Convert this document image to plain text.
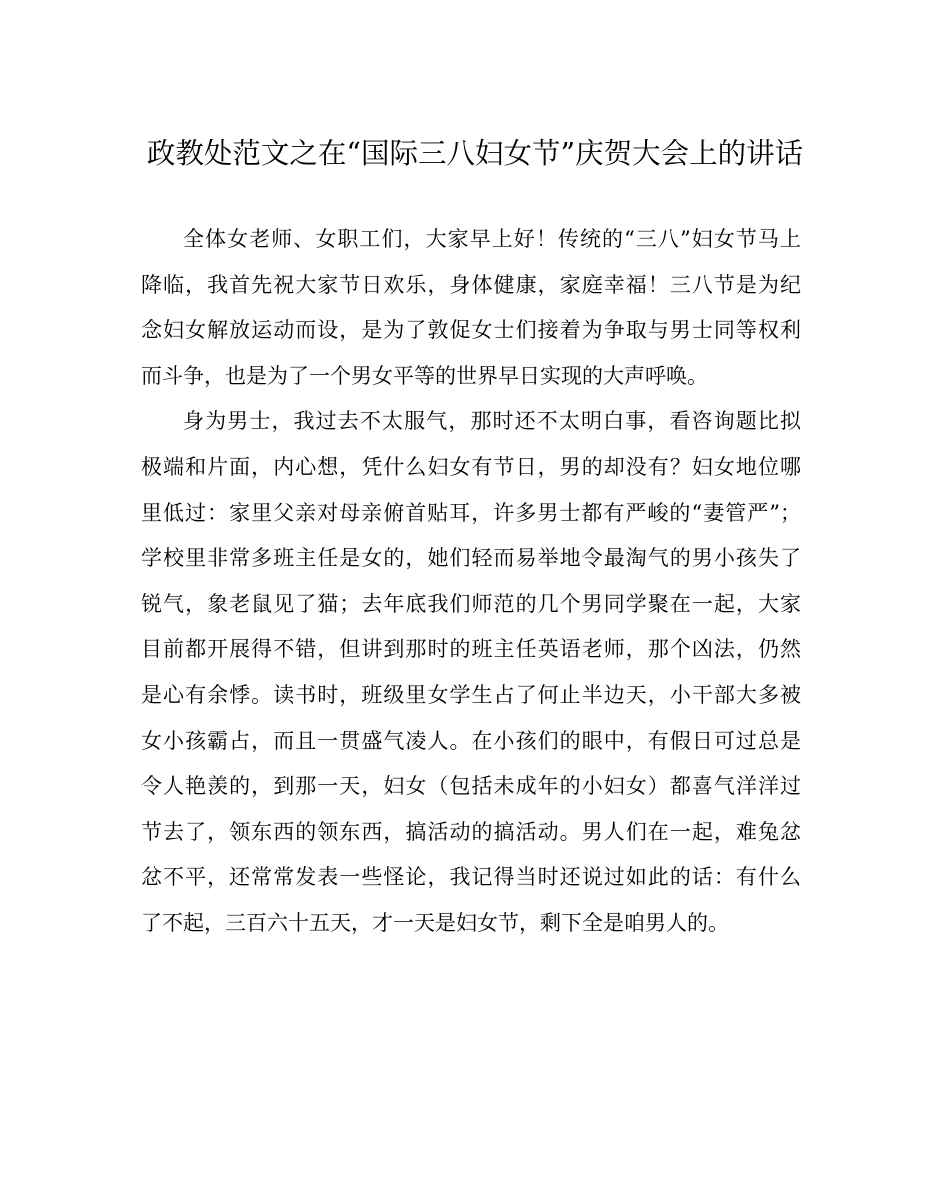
政教处范文之在“国际三八妇女节”庆贺大会上的讲话
全体女老师、女职工们，大家早上好！传统的“三八”妇女节马上
降临，我首先祝大家节日欢乐，身体健康，家庭幸福！三八节是为纪
念妇女解放运动而设，是为了敦促女士们接着为争取与男士同等权利
而斗争，也是为了一个男女平等的世界早日实现的大声呼唤。
身为男士，我过去不太服气，那时还不太明白事，看咨询题比拟
极端和片面，内心想，凭什么妇女有节日，男的却没有？妇女地位哪
里低过：家里父亲对母亲俯首贴耳，许多男士都有严峻的“妻管严”；
学校里非常多班主任是女的，她们轻而易举地令最淘气的男小孩失了
锐气，象老鼠见了猫；去年底我们师范的几个男同学聚在一起，大家
目前都开展得不错，但讲到那时的班主任英语老师，那个凶法，仍然
是心有余悸。读书时，班级里女学生占了何止半边天，小干部大多被
女小孩霸占，而且一贯盛气凌人。在小孩们的眼中，有假日可过总是
令人艳羡的，到那一天，妇女（包括未成年的小妇女）都喜气洋洋过
节去了，领东西的领东西，搞活动的搞活动。男人们在一起，难兔忿
忿不平，还常常发表一些怪论，我记得当时还说过如此的话：有什么
了不起，三百六十五天，才一天是妇女节，剩下全是咱男人的。
